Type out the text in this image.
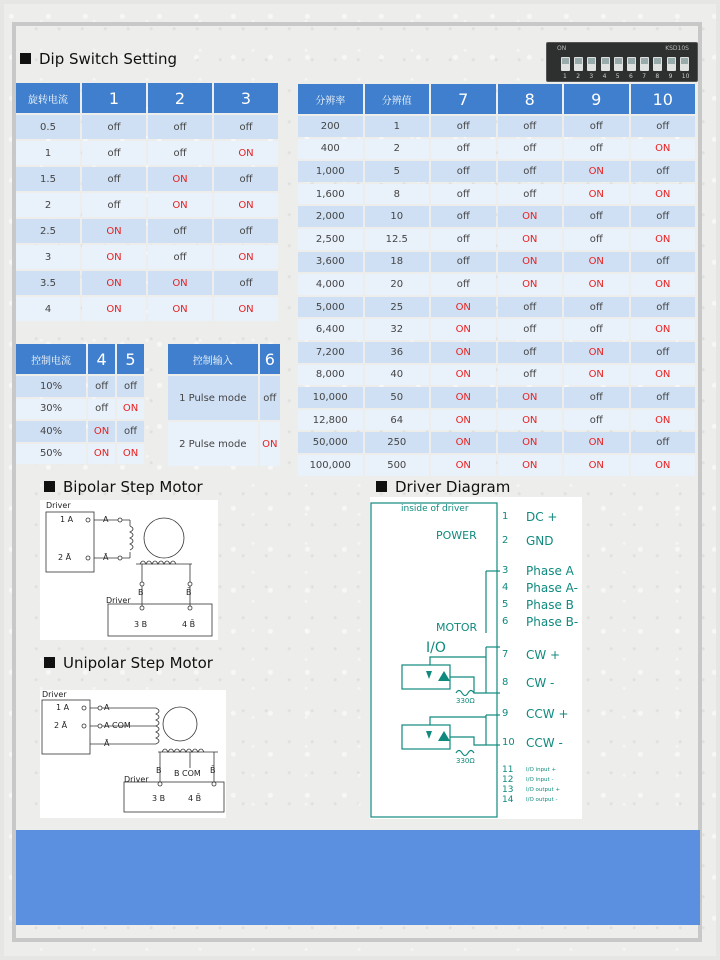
Dip Switch Setting
ON	KSD10S
1 2 3 4 5 6 7 8 9 10
旋转电流	1	2	3
0.5	off	off	off
1	off	off	ON
1.5	off	ON	off
2	off	ON	ON
2.5	ON	off	off
3	ON	off	ON
3.5	ON	ON	off
4	ON	ON	ON
分辨率	分辨值	7	8	9	10
200	1	off	off	off	off
400	2	off	off	off	ON
1,000	5	off	off	ON	off
1,600	8	off	off	ON	ON
2,000	10	off	ON	off	off
2,500	12.5	off	ON	off	ON
3,600	18	off	ON	ON	off
4,000	20	off	ON	ON	ON
5,000	25	ON	off	off	off
6,400	32	ON	off	off	ON
7,200	36	ON	off	ON	off
8,000	40	ON	off	ON	ON
10,000	50	ON	ON	off	off
12,800	64	ON	ON	off	ON
50,000	250	ON	ON	ON	off
100,000	500	ON	ON	ON	ON
控制电流	4	5
10%	off	off
30%	off	ON
40%	ON	off
50%	ON	ON
控制输入	6
1 Pulse mode	off
2 Pulse mode	ON
Bipolar Step Motor	Driver Diagram
Unipolar Step Motor
Driver
1 A
2 Ā
A
Ā
B	B̄
Driver
3 B	4 B̄
Driver
1 A
2 Ā
A
A COM
Ā
B B COM B̄
Driver
3 B	4 B̄
inside of driver
POWER
MOTOR
I/O
330Ω
330Ω
1 DC +
2 GND
3 Phase A
4 Phase A-
5 Phase B
6 Phase B-
7 CW +
8 CW -
9 CCW +
10 CCW -
11 I/O input +
12 I/O input -
13 I/O output +
14 I/O output -
